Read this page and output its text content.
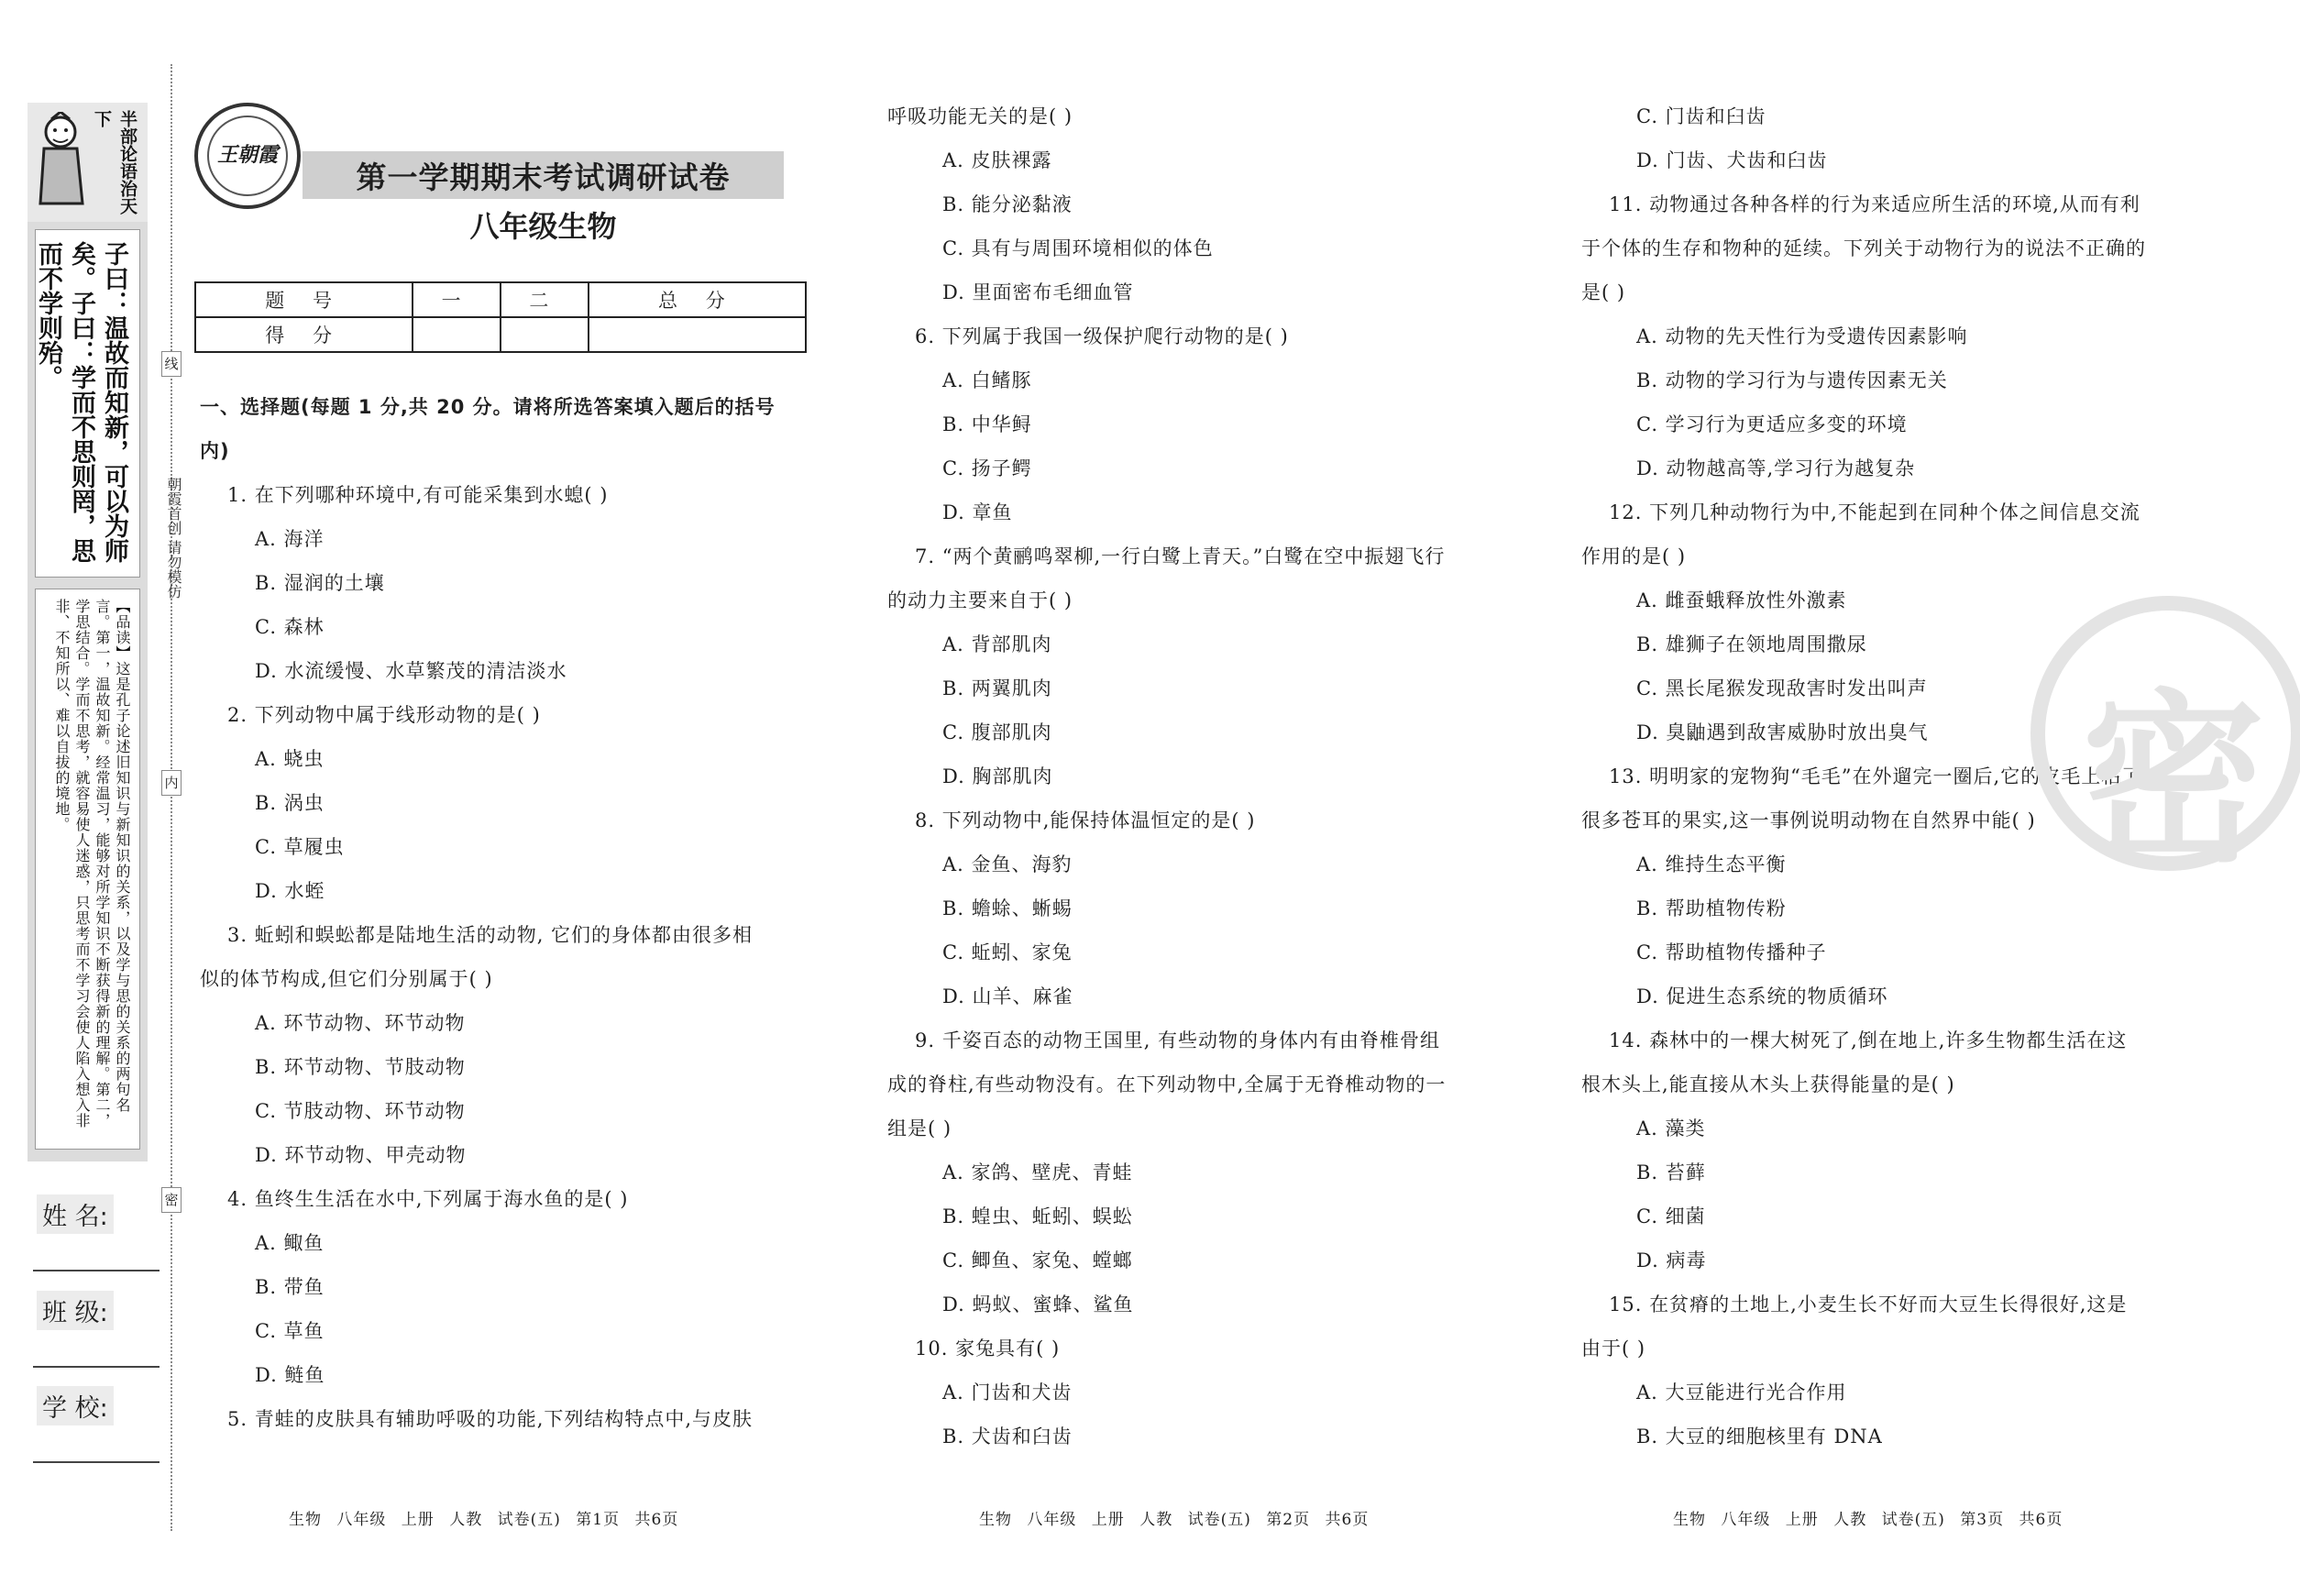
半部论语治天下
子曰：温故而知新，可以为师矣。子曰：学而不思则罔，思而不学则殆。
【品读】这是孔子论述旧知识与新知识的关系，以及学与思的关系的两句名言。第一，温故知新。经常温习，能够对所学知识不断获得新的理解。第二，学思结合。学而不思考，就容易使人迷惑，只思考而不学习会使人陷入想入非非、不知所以、难以自拔的境地。
线
内
密
朝霞首创 请勿模仿
姓 名:
班 级:
学 校:
王朝霞
第一学期期末考试调研试卷
八年级生物
题 号	一	二	总 分
得 分			

一、选择题(每题 1 分,共 20 分。请将所选答案填入题后的括号

内)

1. 在下列哪种环境中,有可能采集到水螅( )

A. 海洋

B. 湿润的土壤

C. 森林

D. 水流缓慢、水草繁茂的清洁淡水

2. 下列动物中属于线形动物的是( )

A. 蛲虫

B. 涡虫

C. 草履虫

D. 水蛭

3. 蚯蚓和蜈蚣都是陆地生活的动物, 它们的身体都由很多相

似的体节构成,但它们分别属于( )

A. 环节动物、环节动物

B. 环节动物、节肢动物

C. 节肢动物、环节动物

D. 环节动物、甲壳动物

4. 鱼终生生活在水中,下列属于海水鱼的是( )

A. 鲰鱼

B. 带鱼

C. 草鱼

D. 鲢鱼

5. 青蛙的皮肤具有辅助呼吸的功能,下列结构特点中,与皮肤

呼吸功能无关的是( )

A. 皮肤裸露

B. 能分泌黏液

C. 具有与周围环境相似的体色

D. 里面密布毛细血管

6. 下列属于我国一级保护爬行动物的是( )

A. 白鳍豚

B. 中华鲟

C. 扬子鳄

D. 章鱼

7. “两个黄鹂鸣翠柳,一行白鹭上青天。”白鹭在空中振翅飞行

的动力主要来自于( )

A. 背部肌肉

B. 两翼肌肉

C. 腹部肌肉

D. 胸部肌肉

8. 下列动物中,能保持体温恒定的是( )

A. 金鱼、海豹

B. 蟾蜍、蜥蜴

C. 蚯蚓、家兔

D. 山羊、麻雀

9. 千姿百态的动物王国里, 有些动物的身体内有由脊椎骨组

成的脊柱,有些动物没有。在下列动物中,全属于无脊椎动物的一

组是( )

A. 家鸽、壁虎、青蛙

B. 蝗虫、蚯蚓、蜈蚣

C. 鲫鱼、家兔、螳螂

D. 蚂蚁、蜜蜂、鲨鱼

10. 家兔具有( )

A. 门齿和犬齿

B. 犬齿和臼齿

C. 门齿和臼齿

D. 门齿、犬齿和臼齿

11. 动物通过各种各样的行为来适应所生活的环境,从而有利

于个体的生存和物种的延续。下列关于动物行为的说法不正确的

是( )

A. 动物的先天性行为受遗传因素影响

B. 动物的学习行为与遗传因素无关

C. 学习行为更适应多变的环境

D. 动物越高等,学习行为越复杂

12. 下列几种动物行为中,不能起到在同种个体之间信息交流

作用的是( )

A. 雌蚕蛾释放性外激素

B. 雄狮子在领地周围撒尿

C. 黑长尾猴发现敌害时发出叫声

D. 臭鼬遇到敌害威胁时放出臭气

13. 明明家的宠物狗“毛毛”在外遛完一圈后,它的皮毛上粘了

很多苍耳的果实,这一事例说明动物在自然界中能( )

A. 维持生态平衡

B. 帮助植物传粉

C. 帮助植物传播种子

D. 促进生态系统的物质循环

14. 森林中的一棵大树死了,倒在地上,许多生物都生活在这

根木头上,能直接从木头上获得能量的是( )

A. 藻类

B. 苔藓

C. 细菌

D. 病毒

15. 在贫瘠的土地上,小麦生长不好而大豆生长得很好,这是

由于( )

A. 大豆能进行光合作用

B. 大豆的细胞核里有 DNA

密
生物 八年级 上册 人教 试卷(五) 第1页 共6页	生物 八年级 上册 人教 试卷(五) 第2页 共6页	生物 八年级 上册 人教 试卷(五) 第3页 共6页
